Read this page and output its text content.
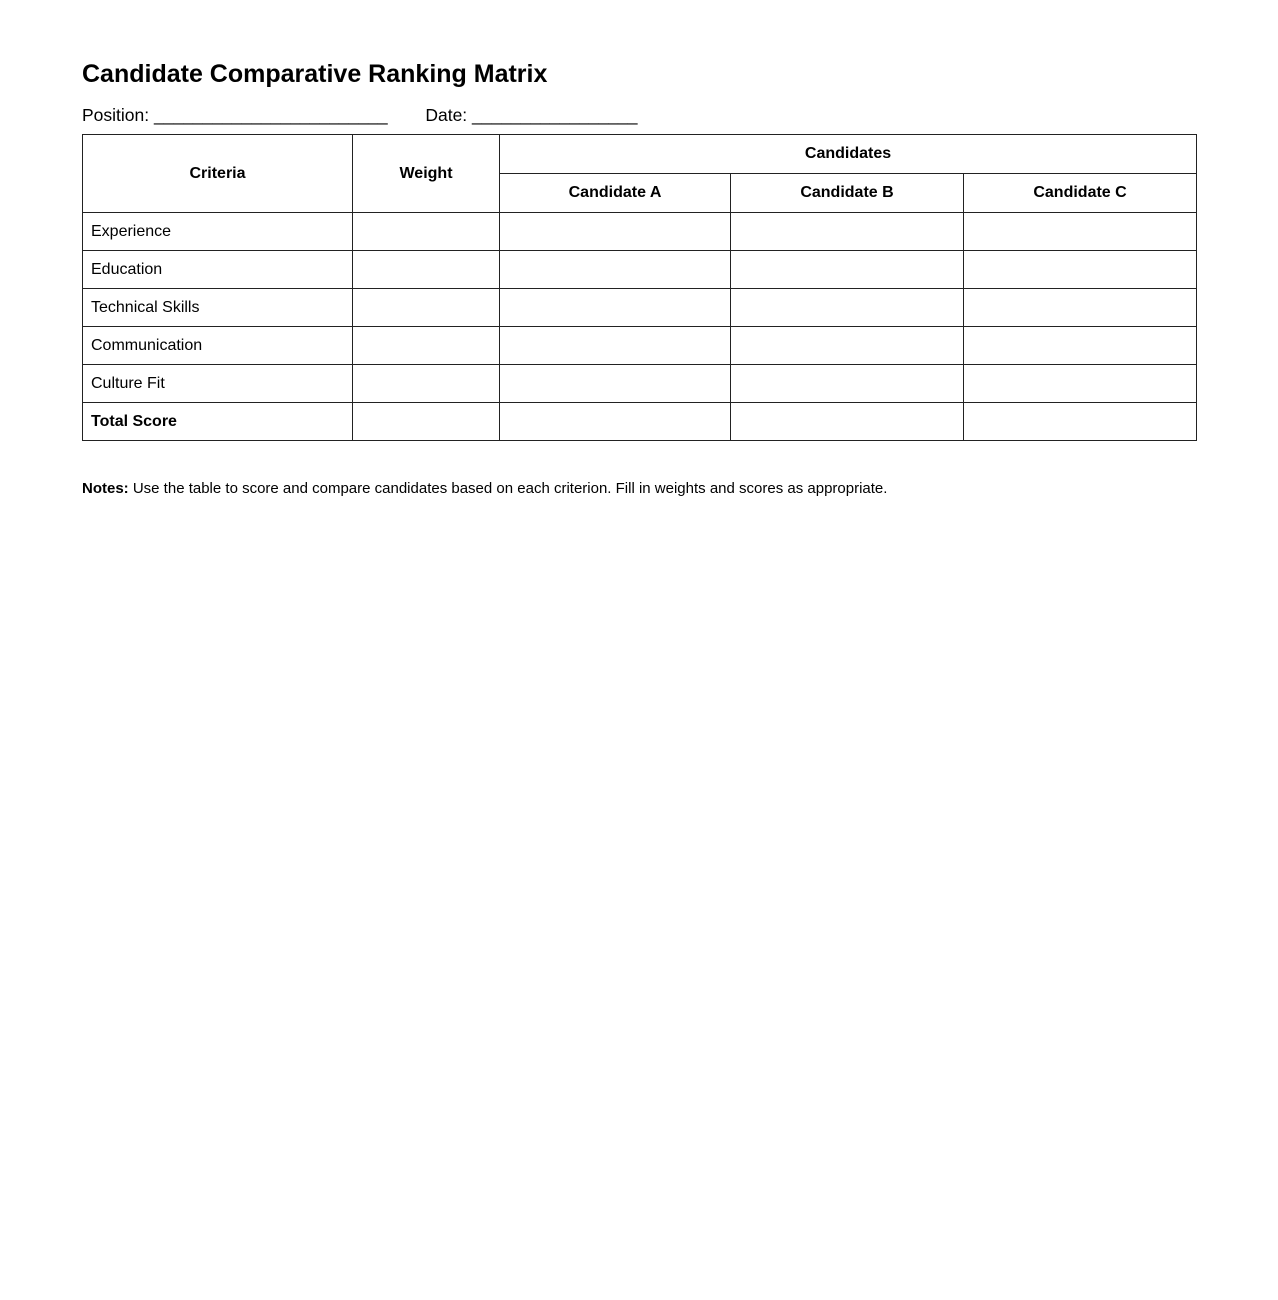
Candidate Comparative Ranking Matrix
Position: ________________________ Date: _________________
Criteria	Weight	Candidates		
		Candidate A	Candidate B	Candidate C
Experience				
Education				
Technical Skills				
Communication				
Culture Fit				
Total Score				
Notes: Use the table to score and compare candidates based on each criterion. Fill in weights and scores as appropriate.
